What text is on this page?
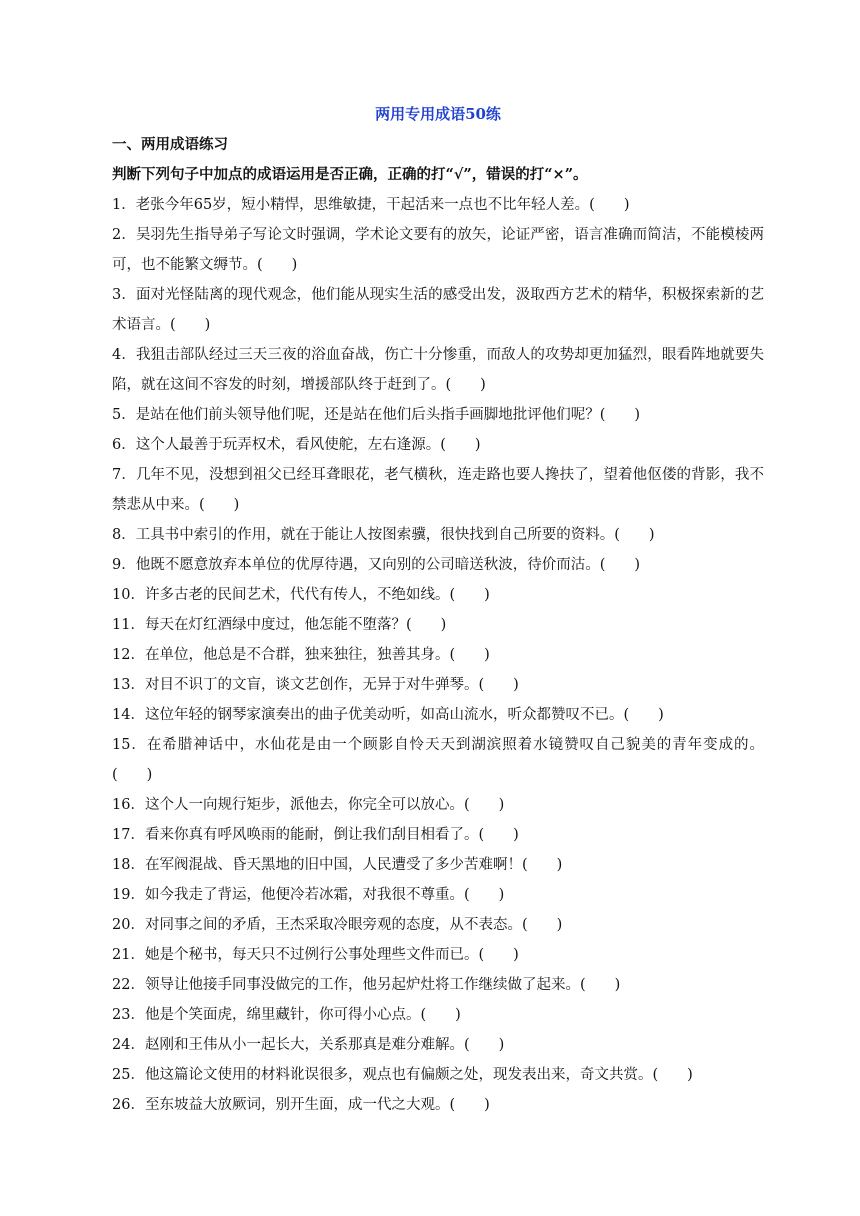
两用专用成语50练
一、两用成语练习
判断下列句子中加点的成语运用是否正确，正确的打“√”，错误的打“×”。
1．老张今年65岁，短小精悍，思维敏捷，干起活来一点也不比年轻人差。(　　)
2．吴羽先生指导弟子写论文时强调，学术论文要有的放矢，论证严密，语言准确而简洁，不能模棱两可，也不能繁文缛节。(　　)
3．面对光怪陆离的现代观念，他们能从现实生活的感受出发，汲取西方艺术的精华，积极探索新的艺术语言。(　　)
4．我狙击部队经过三天三夜的浴血奋战，伤亡十分惨重，而敌人的攻势却更加猛烈，眼看阵地就要失陷，就在这间不容发的时刻，增援部队终于赶到了。(　　)
5．是站在他们前头领导他们呢，还是站在他们后头指手画脚地批评他们呢？(　　)
6．这个人最善于玩弄权术，看风使舵，左右逢源。(　　)
7．几年不见，没想到祖父已经耳聋眼花，老气横秋，连走路也要人搀扶了，望着他伛偻的背影，我不禁悲从中来。(　　)
8．工具书中索引的作用，就在于能让人按图索骥，很快找到自己所要的资料。(　　)
9．他既不愿意放弃本单位的优厚待遇，又向别的公司暗送秋波，待价而沽。(　　)
10．许多古老的民间艺术，代代有传人，不绝如线。(　　)
11．每天在灯红酒绿中度过，他怎能不堕落？(　　)
12．在单位，他总是不合群，独来独往，独善其身。(　　)
13．对目不识丁的文盲，谈文艺创作，无异于对牛弹琴。(　　)
14．这位年轻的钢琴家演奏出的曲子优美动听，如高山流水，听众都赞叹不已。(　　)
15．在希腊神话中，水仙花是由一个顾影自怜天天到湖滨照着水镜赞叹自己貌美的青年变成的。(　　)
16．这个人一向规行矩步，派他去，你完全可以放心。(　　)
17．看来你真有呼风唤雨的能耐，倒让我们刮目相看了。(　　)
18．在军阀混战、昏天黑地的旧中国，人民遭受了多少苦难啊！(　　)
19．如今我走了背运，他便冷若冰霜，对我很不尊重。(　　)
20．对同事之间的矛盾，王杰采取冷眼旁观的态度，从不表态。(　　)
21．她是个秘书，每天只不过例行公事处理些文件而已。(　　)
22．领导让他接手同事没做完的工作，他另起炉灶将工作继续做了起来。(　　)
23．他是个笑面虎，绵里藏针，你可得小心点。(　　)
24．赵刚和王伟从小一起长大，关系那真是难分难解。(　　)
25．他这篇论文使用的材料讹误很多，观点也有偏颇之处，现发表出来，奇文共赏。(　　)
26．至东坡益大放厥词，别开生面，成一代之大观。(　　)
